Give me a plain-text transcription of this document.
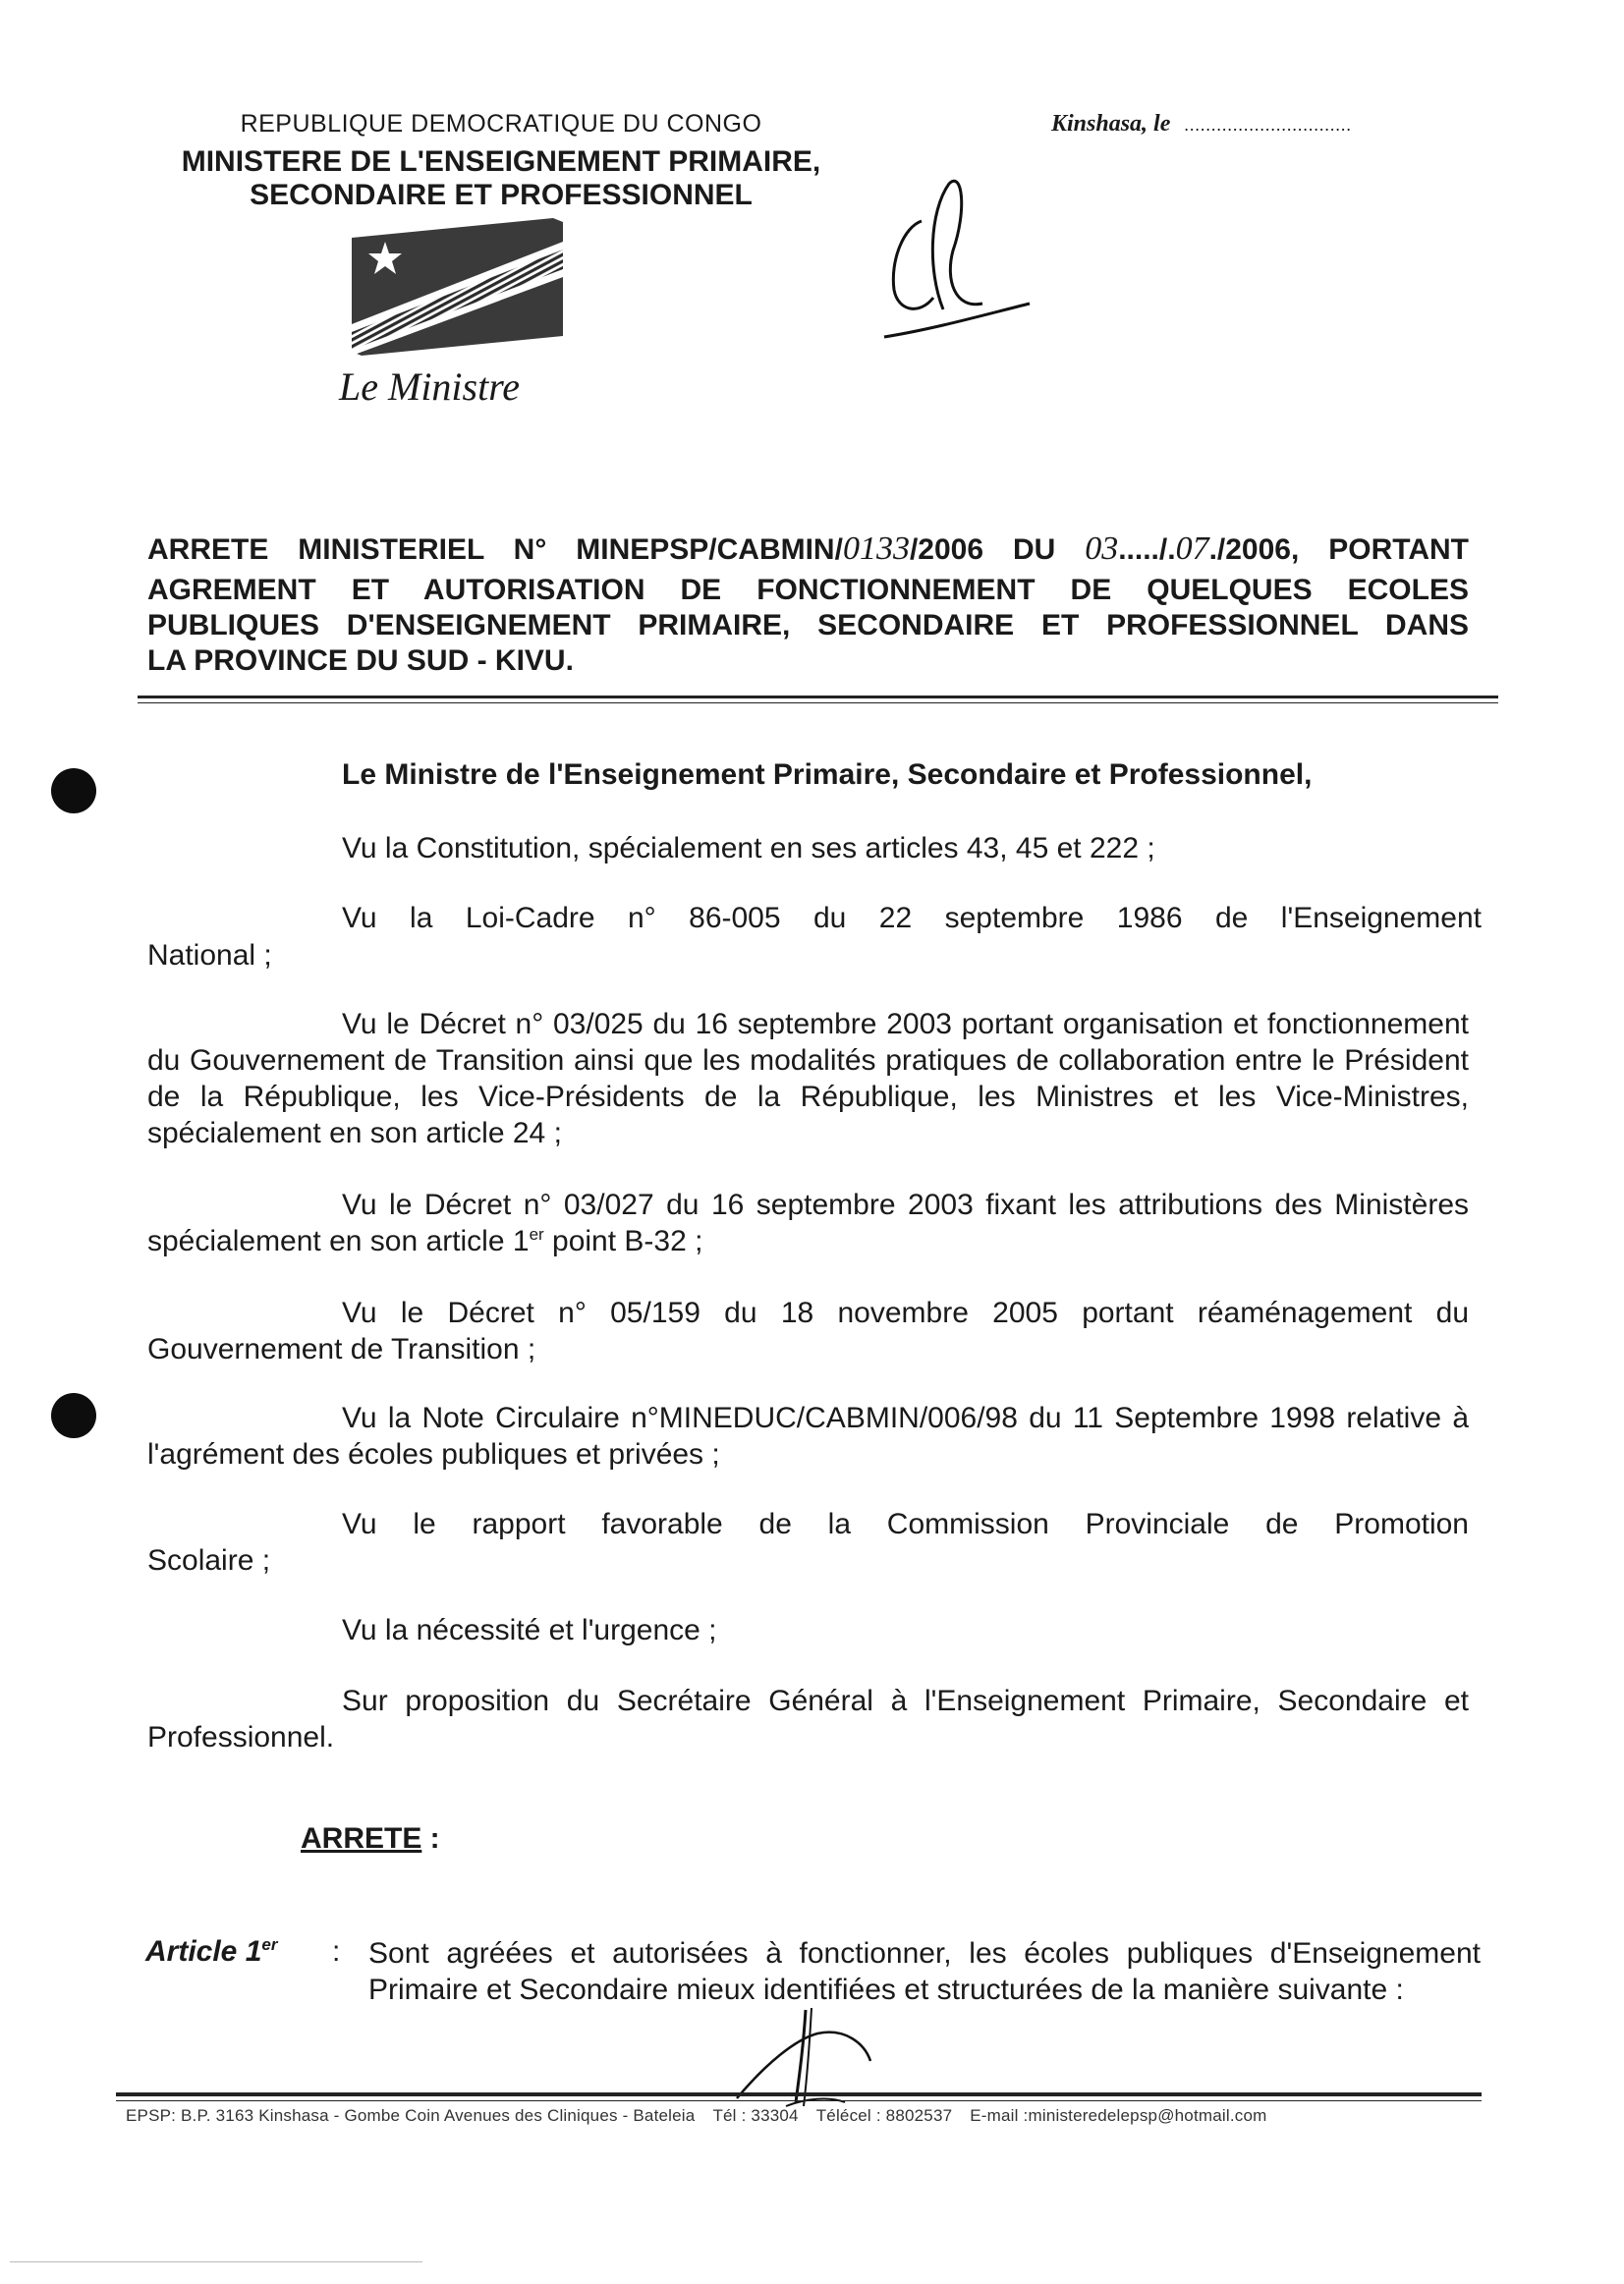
REPUBLIQUE DEMOCRATIQUE DU CONGO
MINISTERE DE L'ENSEIGNEMENT PRIMAIRE,
SECONDAIRE ET PROFESSIONNEL
Kinshasa, le ...............................
Le Ministre
ARRETE MINISTERIEL N° MINEPSP/CABMIN/0133/2006 DU 03...../.07./2006, PORTANT
AGREMENT ET AUTORISATION DE FONCTIONNEMENT DE QUELQUES ECOLES
PUBLIQUES D'ENSEIGNEMENT PRIMAIRE, SECONDAIRE ET PROFESSIONNEL DANS
LA PROVINCE DU SUD - KIVU.
Le Ministre de l'Enseignement Primaire, Secondaire et Professionnel,
Vu la Constitution, spécialement en ses articles 43, 45 et 222 ;
Vu la Loi-Cadre n° 86-005 du 22 septembre 1986 de l'Enseignement
National ;
Vu le Décret n° 03/025 du 16 septembre 2003 portant organisation et fonctionnement du Gouvernement de Transition ainsi que les modalités pratiques de collaboration entre le Président de la République, les Vice-Présidents de la République, les Ministres et les Vice-Ministres, spécialement en son article 24 ;
Vu le Décret n° 03/027 du 16 septembre 2003 fixant les attributions des Ministères spécialement en son article 1er point B-32 ;
Vu le Décret n° 05/159 du 18 novembre 2005 portant réaménagement du Gouvernement de Transition ;
Vu la Note Circulaire n°MINEDUC/CABMIN/006/98 du 11 Septembre 1998 relative à l'agrément des écoles publiques et privées ;
Vu le rapport favorable de la Commission Provinciale de Promotion
Scolaire ;
Vu la nécessité et l'urgence ;
Sur proposition du Secrétaire Général à l'Enseignement Primaire, Secondaire et Professionnel.
ARRETE :
Article 1er : Sont agréées et autorisées à fonctionner, les écoles publiques d'Enseignement Primaire et Secondaire mieux identifiées et structurées de la manière suivante :
EPSP: B.P. 3163 Kinshasa - Gombe Coin Avenues des Cliniques - Bateleia Tél : 33304 Télécel : 8802537 E-mail :ministeredelepsp@hotmail.com
